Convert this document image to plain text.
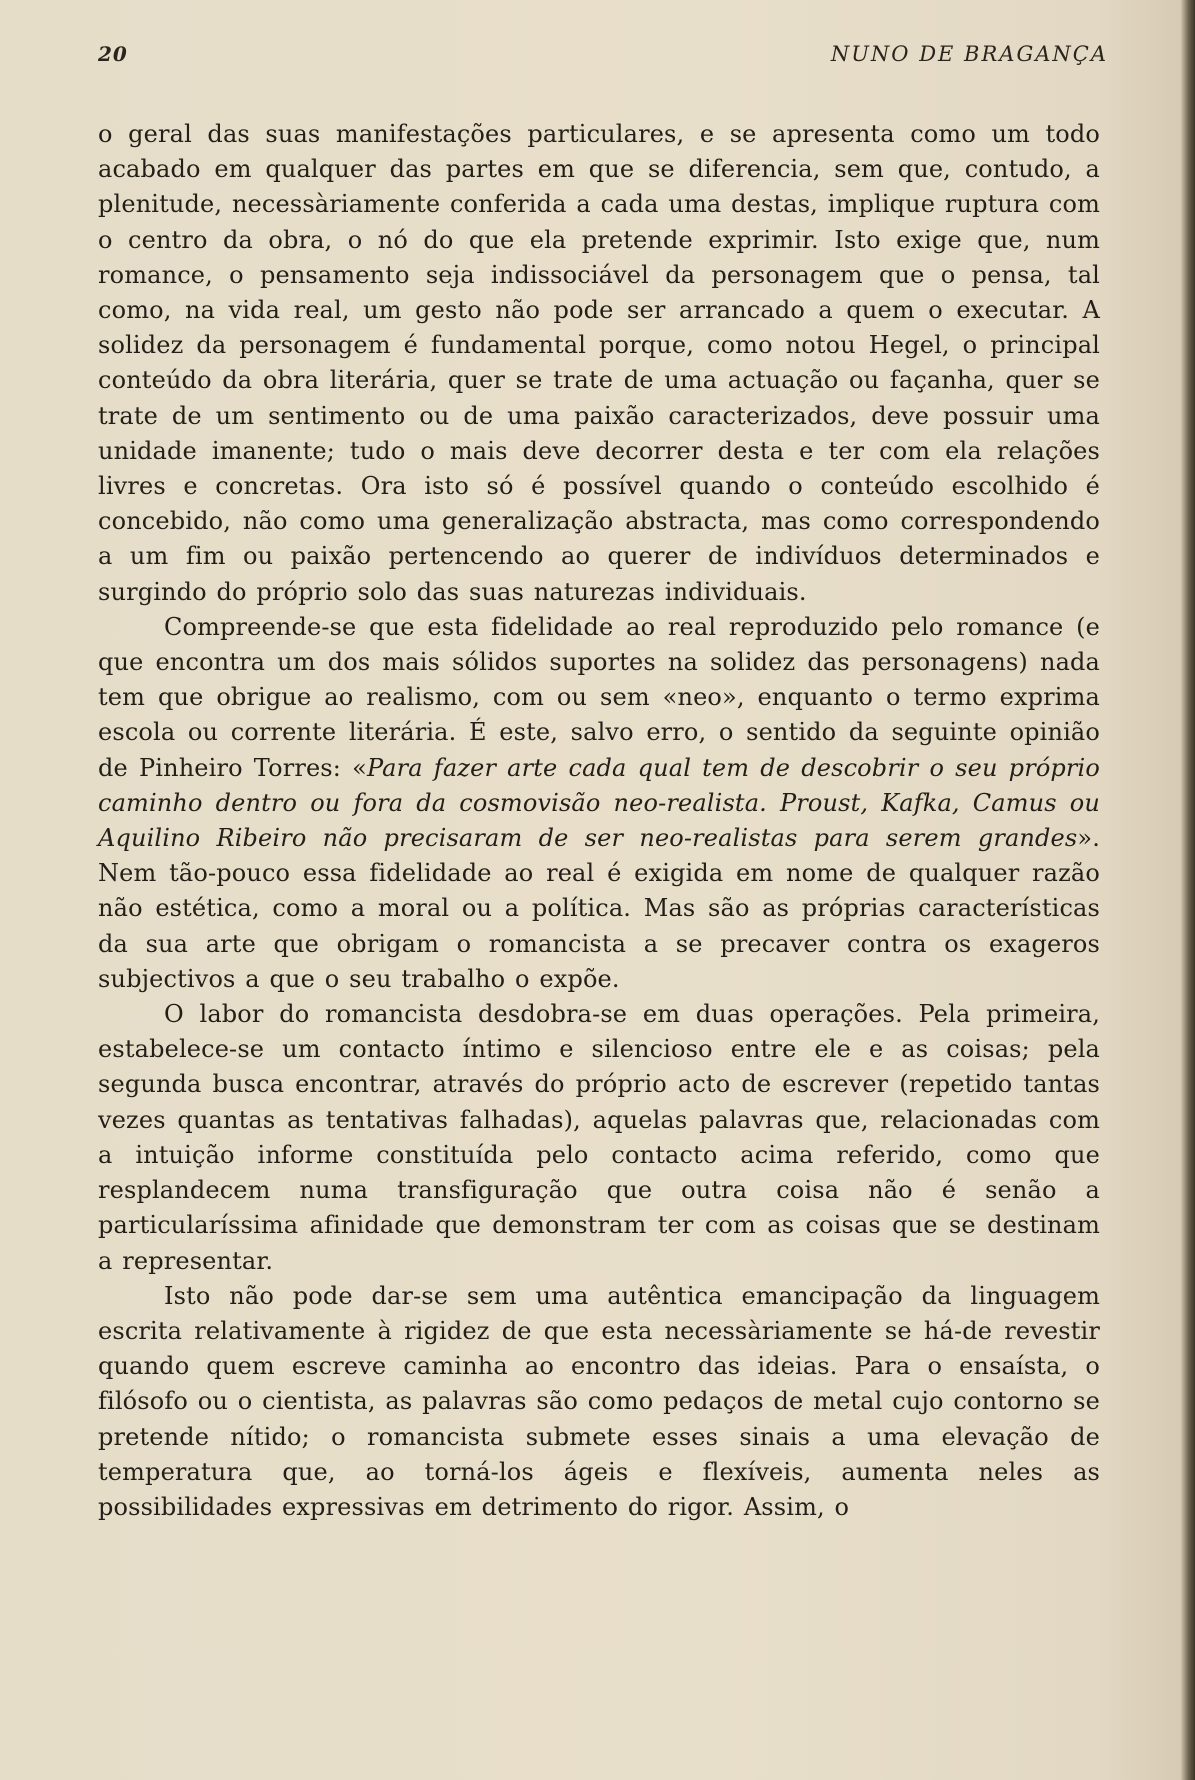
20	NUNO DE BRAGANÇA

o geral das suas manifestações particulares, e se apresenta como um todo acabado em qualquer das partes em que se diferencia, sem que, contudo, a plenitude, necessàriamente conferida a cada uma destas, implique ruptura com o centro da obra, o nó do que ela pretende exprimir. Isto exige que, num romance, o pensamento seja indissociável da personagem que o pensa, tal como, na vida real, um gesto não pode ser arrancado a quem o executar. A solidez da personagem é fundamental porque, como notou Hegel, o principal conteúdo da obra literária, quer se trate de uma actuação ou façanha, quer se trate de um sentimento ou de uma paixão caracterizados, deve possuir uma unidade imanente; tudo o mais deve decorrer desta e ter com ela relações livres e concretas. Ora isto só é possível quando o conteúdo escolhido é concebido, não como uma generalização abstracta, mas como correspondendo a um fim ou paixão pertencendo ao querer de indivíduos determinados e surgindo do próprio solo das suas naturezas individuais.

Compreende-se que esta fidelidade ao real reproduzido pelo romance (e que encontra um dos mais sólidos suportes na solidez das personagens) nada tem que obrigue ao realismo, com ou sem «neo», enquanto o termo exprima escola ou corrente literária. É este, salvo erro, o sentido da seguinte opinião de Pinheiro Torres: «Para fazer arte cada qual tem de descobrir o seu próprio caminho dentro ou fora da cosmovisão neo-realista. Proust, Kafka, Camus ou Aquilino Ribeiro não precisaram de ser neo-realistas para serem grandes». Nem tão-pouco essa fidelidade ao real é exigida em nome de qualquer razão não estética, como a moral ou a política. Mas são as próprias características da sua arte que obrigam o romancista a se precaver contra os exageros subjectivos a que o seu trabalho o expõe.

O labor do romancista desdobra-se em duas operações. Pela primeira, estabelece-se um contacto íntimo e silencioso entre ele e as coisas; pela segunda busca encontrar, através do próprio acto de escrever (repetido tantas vezes quantas as tentativas falhadas), aquelas palavras que, relacionadas com a intuição informe constituída pelo contacto acima referido, como que resplandecem numa transfiguração que outra coisa não é senão a particularíssima afinidade que demonstram ter com as coisas que se destinam a representar.

Isto não pode dar-se sem uma autêntica emancipação da linguagem escrita relativamente à rigidez de que esta necessàriamente se há-de revestir quando quem escreve caminha ao encontro das ideias. Para o ensaísta, o filósofo ou o cientista, as palavras são como pedaços de metal cujo contorno se pretende nítido; o romancista submete esses sinais a uma elevação de temperatura que, ao torná-los ágeis e flexíveis, aumenta neles as possibilidades expressivas em detrimento do rigor. Assim, o
